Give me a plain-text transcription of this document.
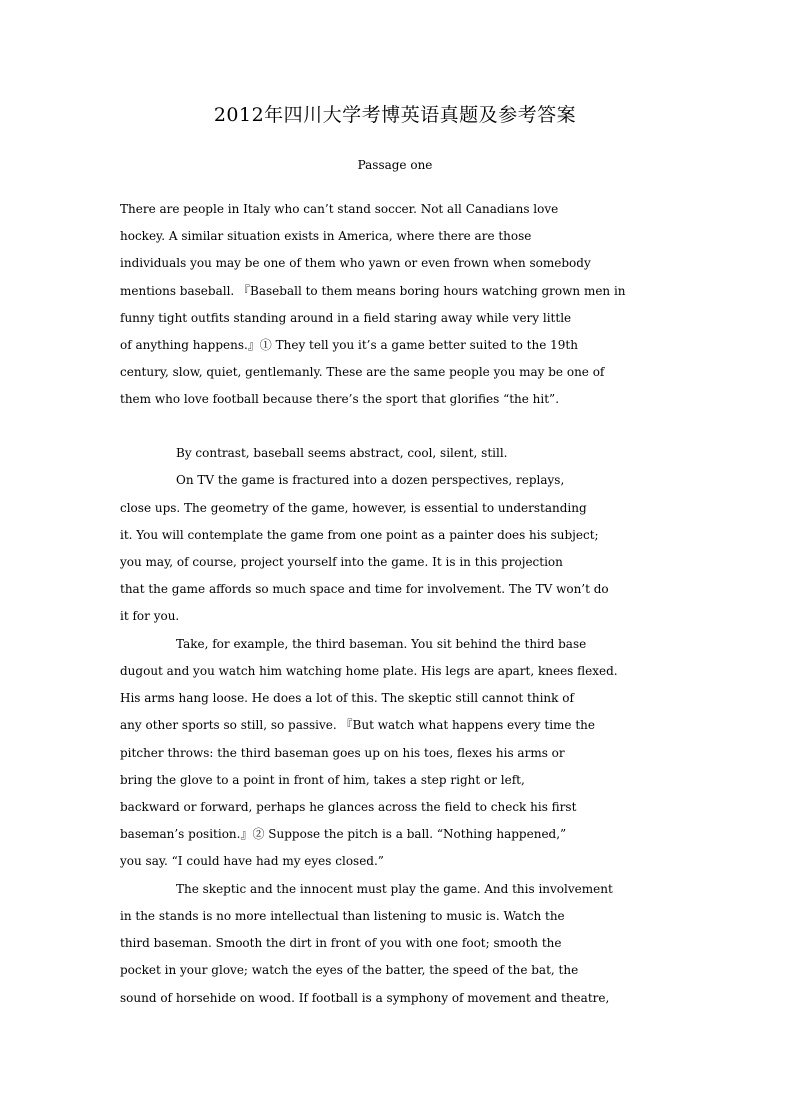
2012年四川大学考博英语真题及参考答案
Passage one
There are people in Italy who can’t stand soccer. Not all Canadians love
hockey. A similar situation exists in America, where there are those
individuals you may be one of them who yawn or even frown when somebody
mentions baseball. 『Baseball to them means boring hours watching grown men in
funny tight outfits standing around in a field staring away while very little
of anything happens.』① They tell you it’s a game better suited to the 19th
century, slow, quiet, gentlemanly. These are the same people you may be one of
them who love football because there’s the sport that glorifies “the hit”.
By contrast, baseball seems abstract, cool, silent, still.
On TV the game is fractured into a dozen perspectives, replays,
close ups. The geometry of the game, however, is essential to understanding
it. You will contemplate the game from one point as a painter does his subject;
you may, of course, project yourself into the game. It is in this projection
that the game affords so much space and time for involvement. The TV won’t do
it for you.
Take, for example, the third baseman. You sit behind the third base
dugout and you watch him watching home plate. His legs are apart, knees flexed.
His arms hang loose. He does a lot of this. The skeptic still cannot think of
any other sports so still, so passive. 『But watch what happens every time the
pitcher throws: the third baseman goes up on his toes, flexes his arms or
bring the glove to a point in front of him, takes a step right or left,
backward or forward, perhaps he glances across the field to check his first
baseman’s position.』② Suppose the pitch is a ball. “Nothing happened,”
you say. “I could have had my eyes closed.”
The skeptic and the innocent must play the game. And this involvement
in the stands is no more intellectual than listening to music is. Watch the
third baseman. Smooth the dirt in front of you with one foot; smooth the
pocket in your glove; watch the eyes of the batter, the speed of the bat, the
sound of horsehide on wood. If football is a symphony of movement and theatre,
